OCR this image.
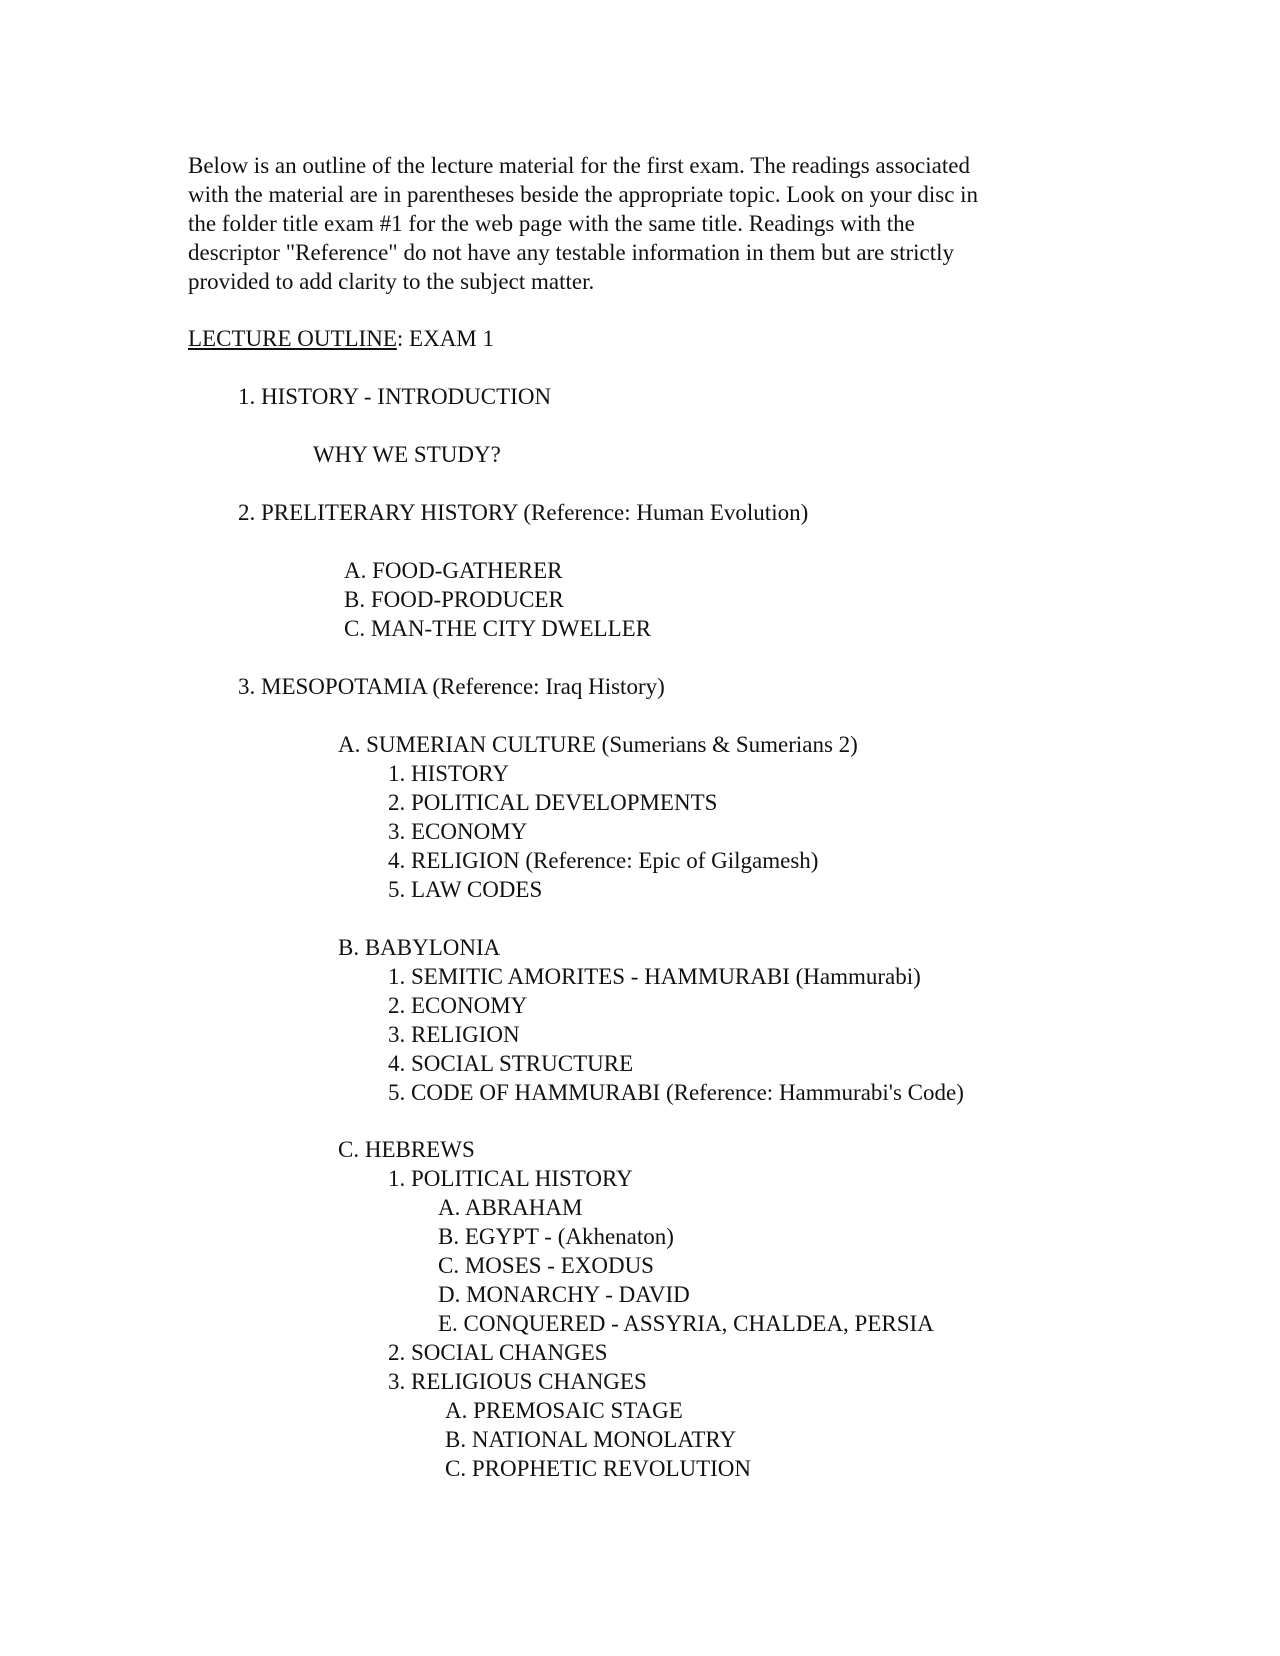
Below is an outline of the lecture material for the first exam. The readings associated

with the material are in parentheses beside the appropriate topic. Look on your disc in

the folder title exam #1 for the web page with the same title. Readings with the

descriptor "Reference" do not have any testable information in them but are strictly

provided to add clarity to the subject matter.

LECTURE OUTLINE: EXAM 1

1. HISTORY - INTRODUCTION

WHY WE STUDY?

2. PRELITERARY HISTORY (Reference: Human Evolution)

A. FOOD-GATHERER

B. FOOD-PRODUCER

C. MAN-THE CITY DWELLER

3. MESOPOTAMIA (Reference: Iraq History)

A. SUMERIAN CULTURE (Sumerians & Sumerians 2)

1. HISTORY

2. POLITICAL DEVELOPMENTS

3. ECONOMY

4. RELIGION (Reference: Epic of Gilgamesh)

5. LAW CODES

B. BABYLONIA

1. SEMITIC AMORITES - HAMMURABI (Hammurabi)

2. ECONOMY

3. RELIGION

4. SOCIAL STRUCTURE

5. CODE OF HAMMURABI (Reference: Hammurabi's Code)

C. HEBREWS

1. POLITICAL HISTORY

A. ABRAHAM

B. EGYPT - (Akhenaton)

C. MOSES - EXODUS

D. MONARCHY - DAVID

E. CONQUERED - ASSYRIA, CHALDEA, PERSIA

2. SOCIAL CHANGES

3. RELIGIOUS CHANGES

A. PREMOSAIC STAGE

B. NATIONAL MONOLATRY

C. PROPHETIC REVOLUTION
